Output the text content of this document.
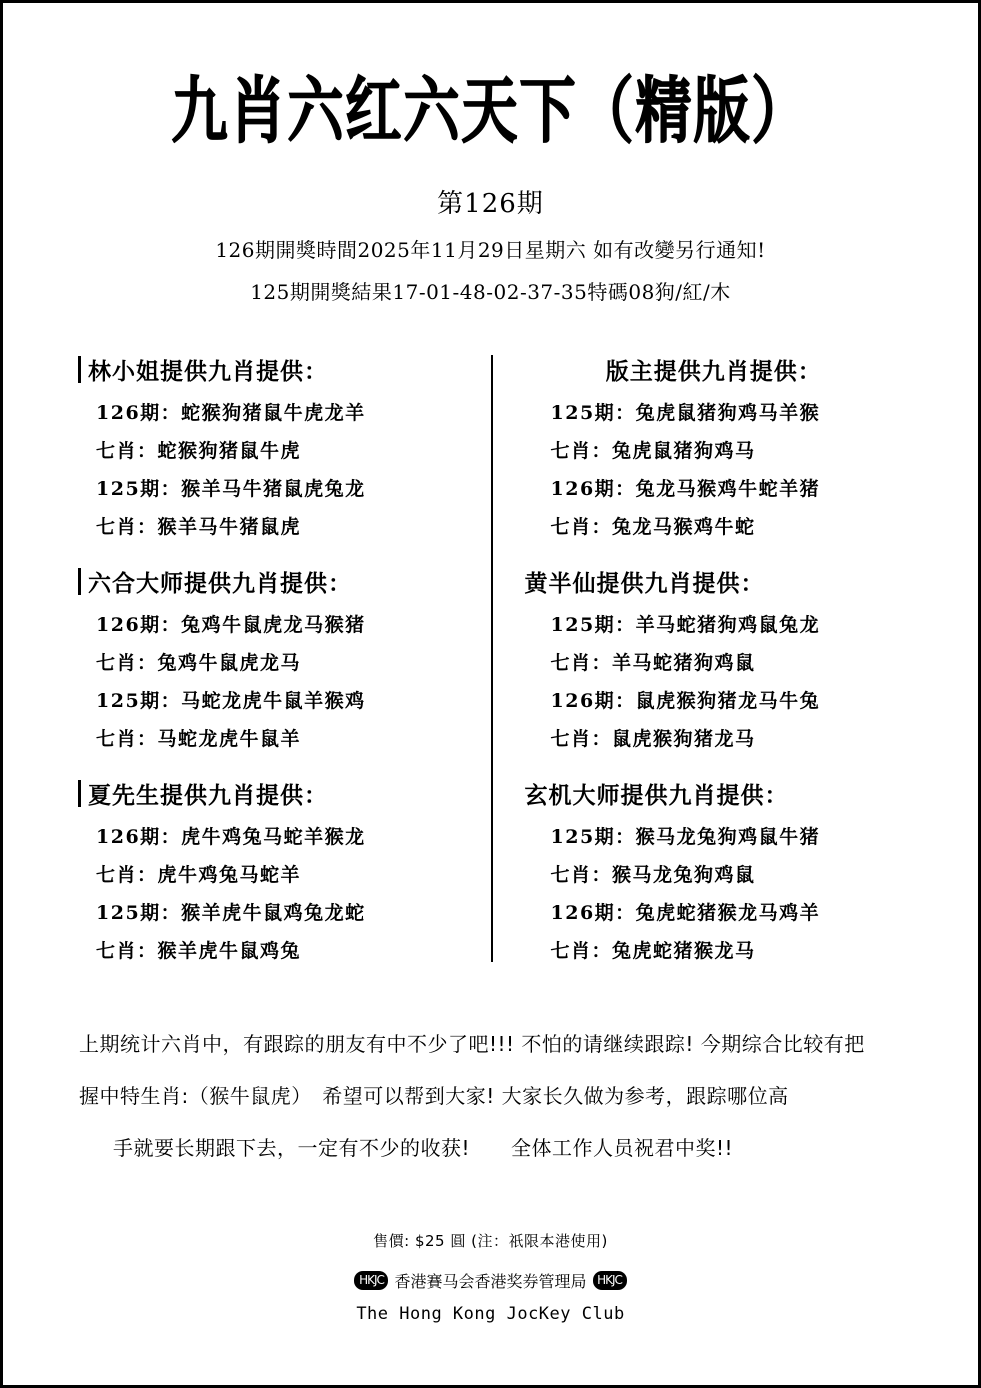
九肖六红六天下（精版）
第126期
126期開獎時間2025年11月29日星期六 如有改變另行通知!
125期開獎結果17-01-48-02-37-35特碼08狗/紅/木
林小姐提供九肖提供：
126期：蛇猴狗猪鼠牛虎龙羊
七肖：蛇猴狗猪鼠牛虎
125期：猴羊马牛猪鼠虎兔龙
七肖：猴羊马牛猪鼠虎
六合大师提供九肖提供：
126期：兔鸡牛鼠虎龙马猴猪
七肖：兔鸡牛鼠虎龙马
125期：马蛇龙虎牛鼠羊猴鸡
七肖：马蛇龙虎牛鼠羊
夏先生提供九肖提供：
126期：虎牛鸡兔马蛇羊猴龙
七肖：虎牛鸡兔马蛇羊
125期：猴羊虎牛鼠鸡兔龙蛇
七肖：猴羊虎牛鼠鸡兔
版主提供九肖提供：
125期：兔虎鼠猪狗鸡马羊猴
七肖：兔虎鼠猪狗鸡马
126期：兔龙马猴鸡牛蛇羊猪
七肖：兔龙马猴鸡牛蛇
黄半仙提供九肖提供：
125期：羊马蛇猪狗鸡鼠兔龙
七肖：羊马蛇猪狗鸡鼠
126期：鼠虎猴狗猪龙马牛兔
七肖：鼠虎猴狗猪龙马
玄机大师提供九肖提供：
125期：猴马龙兔狗鸡鼠牛猪
七肖：猴马龙兔狗鸡鼠
126期：兔虎蛇猪猴龙马鸡羊
七肖：兔虎蛇猪猴龙马
上期统计六肖中，有跟踪的朋友有中不少了吧!!! 不怕的请继续跟踪! 今期综合比较有把
握中特生肖:（猴牛鼠虎）　希望可以帮到大家! 大家长久做为参考，跟踪哪位高
手就要长期跟下去，一定有不少的收获!　　全体工作人员祝君中奖!!
售價: $25 圓 (注：祇限本港使用)
HKJC 香港賽马会香港奖券管理局 HKJC
The Hong Kong JocKey Club
